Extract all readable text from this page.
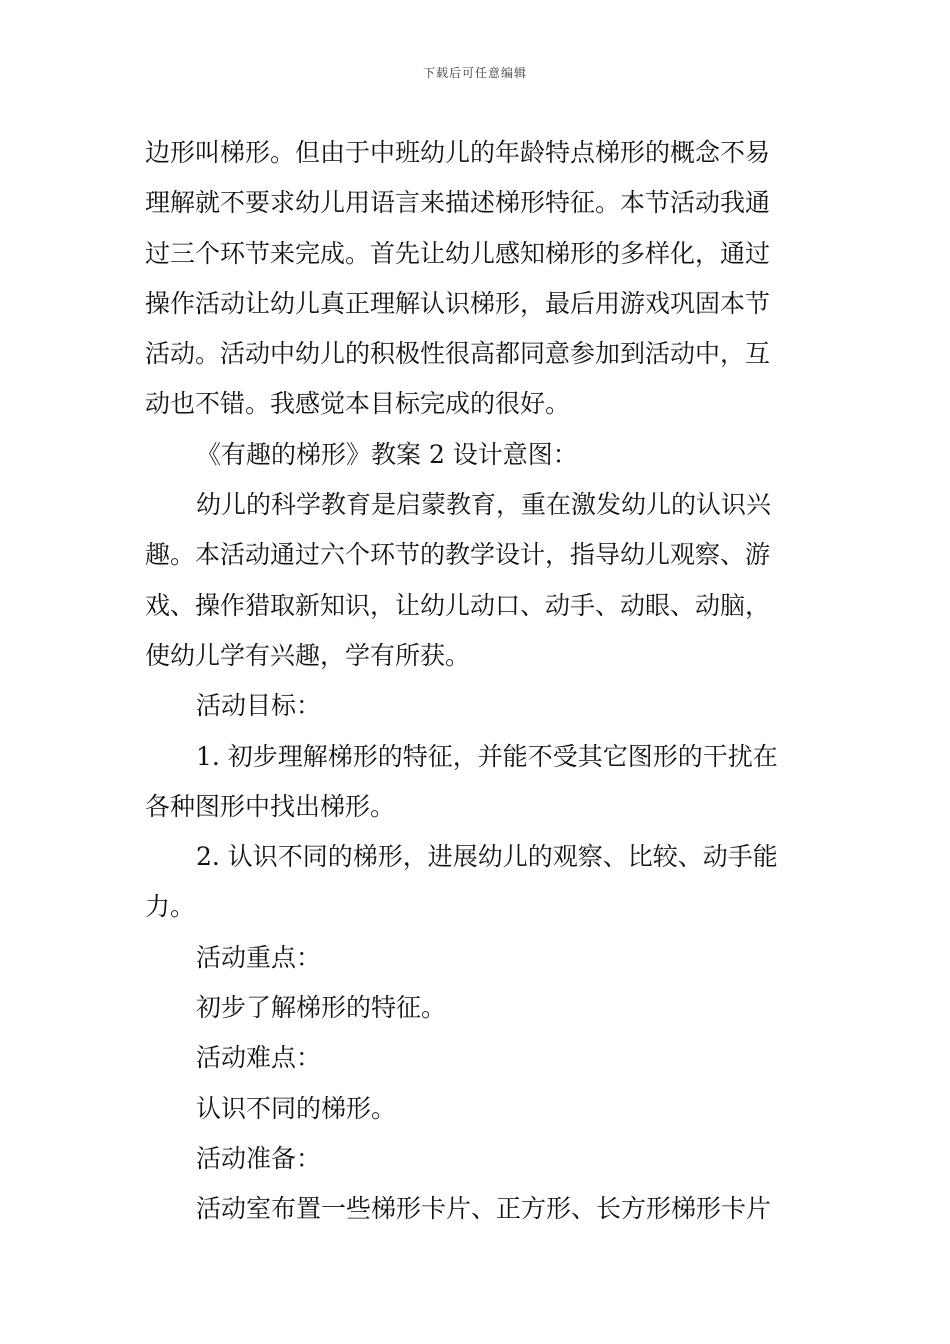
下载后可任意编辑
边形叫梯形。但由于中班幼儿的年龄特点梯形的概念不易
理解就不要求幼儿用语言来描述梯形特征。本节活动我通
过三个环节来完成。首先让幼儿感知梯形的多样化，通过
操作活动让幼儿真正理解认识梯形，最后用游戏巩固本节
活动。活动中幼儿的积极性很高都同意参加到活动中，互
动也不错。我感觉本目标完成的很好。
《有趣的梯形》教案 2 设计意图：
幼儿的科学教育是启蒙教育，重在激发幼儿的认识兴
趣。本活动通过六个环节的教学设计，指导幼儿观察、游
戏、操作猎取新知识，让幼儿动口、动手、动眼、动脑，
使幼儿学有兴趣，学有所获。
活动目标：
1. 初步理解梯形的特征，并能不受其它图形的干扰在
各种图形中找出梯形。
2. 认识不同的梯形，进展幼儿的观察、比较、动手能
力。
活动重点：
初步了解梯形的特征。
活动难点：
认识不同的梯形。
活动准备：
活动室布置一些梯形卡片、正方形、长方形梯形卡片
